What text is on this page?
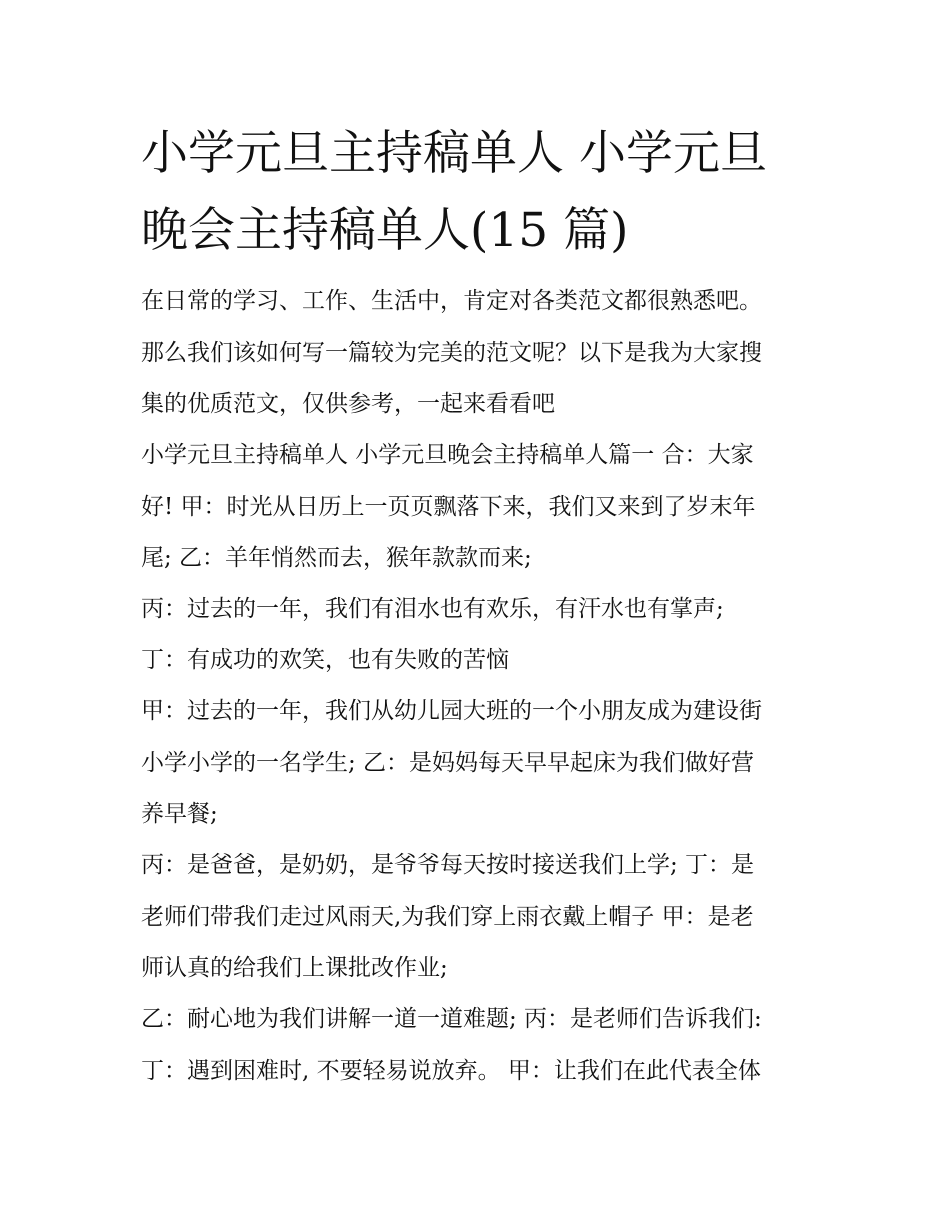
小学元旦主持稿单人 小学元旦
晚会主持稿单人(15 篇)
在日常的学习、工作、生活中，肯定对各类范文都很熟悉吧。
那么我们该如何写一篇较为完美的范文呢？以下是我为大家搜
集的优质范文，仅供参考，一起来看看吧
小学元旦主持稿单人 小学元旦晚会主持稿单人篇一 合：大家
好! 甲：时光从日历上一页页飘落下来，我们又来到了岁末年
尾; 乙：羊年悄然而去，猴年款款而来;
丙：过去的一年，我们有泪水也有欢乐，有汗水也有掌声;
丁：有成功的欢笑，也有失败的苦恼
甲：过去的一年，我们从幼儿园大班的一个小朋友成为建设街
小学小学的一名学生; 乙：是妈妈每天早早起床为我们做好营
养早餐;
丙：是爸爸，是奶奶，是爷爷每天按时接送我们上学; 丁：是
老师们带我们走过风雨天,为我们穿上雨衣戴上帽子 甲：是老
师认真的给我们上课批改作业;
乙：耐心地为我们讲解一道一道难题; 丙：是老师们告诉我们:
丁：遇到困难时, 不要轻易说放弃。 甲：让我们在此代表全体
